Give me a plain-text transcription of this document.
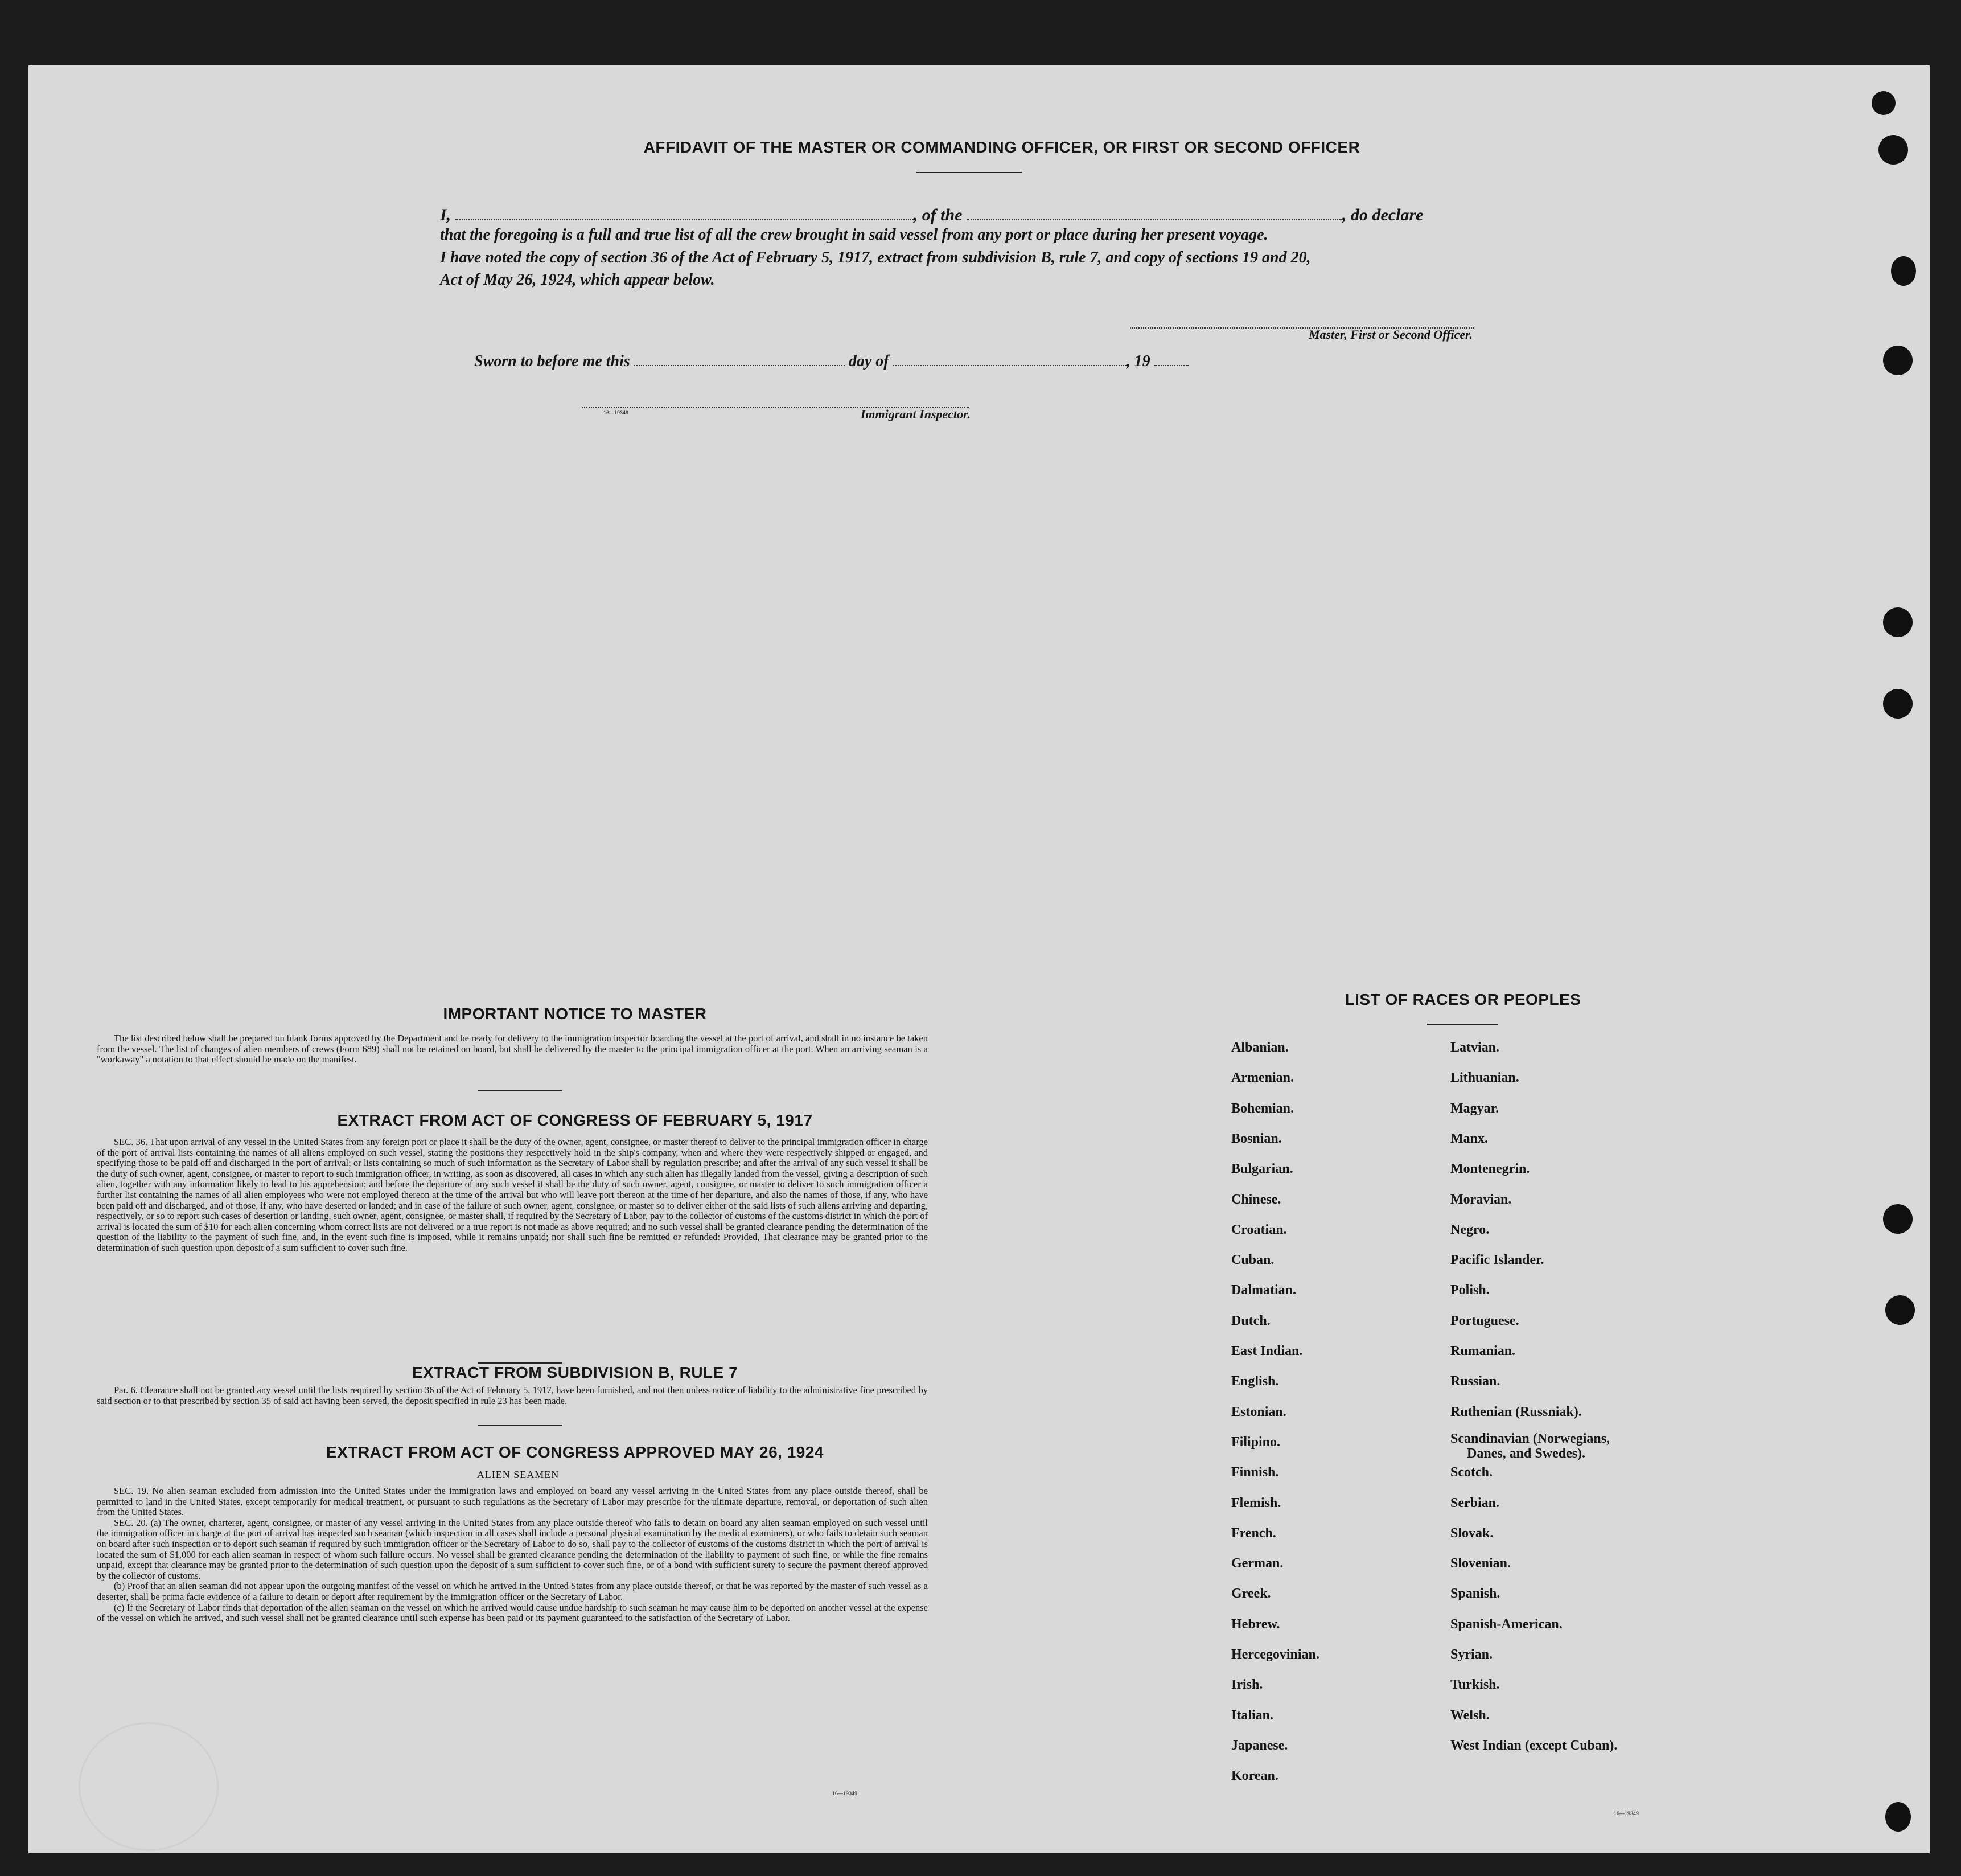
AFFIDAVIT OF THE MASTER OR COMMANDING OFFICER, OR FIRST OR SECOND OFFICER
I,	, of the	, do declare
that the foregoing is a full and true list of all the crew brought in said vessel from any port or place during her present voyage.
I have noted the copy of section 36 of the Act of February 5, 1917, extract from subdivision B, rule 7, and copy of sections 19 and 20,
Act of May 26, 1924, which appear below.
Master, First or Second Officer.
Sworn to before me this	day of	, 19
16—19349	Immigrant Inspector.
IMPORTANT NOTICE TO MASTER

The list described below shall be prepared on blank forms approved by the Department and be ready for delivery to the immigration inspector boarding the vessel at the port of arrival, and shall in no instance be taken from the vessel. The list of changes of alien members of crews (Form 689) shall not be retained on board, but shall be delivered by the master to the principal immigration officer at the port. When an arriving seaman is a "workaway" a notation to that effect should be made on the manifest.

EXTRACT FROM ACT OF CONGRESS OF FEBRUARY 5, 1917

SEC. 36. That upon arrival of any vessel in the United States from any foreign port or place it shall be the duty of the owner, agent, consignee, or master thereof to deliver to the principal immigration officer in charge of the port of arrival lists containing the names of all aliens employed on such vessel, stating the positions they respectively hold in the ship's company, when and where they were respectively shipped or engaged, and specifying those to be paid off and discharged in the port of arrival; or lists containing so much of such information as the Secretary of Labor shall by regulation prescribe; and after the arrival of any such vessel it shall be the duty of such owner, agent, consignee, or master to report to such immigration officer, in writing, as soon as discovered, all cases in which any such alien has illegally landed from the vessel, giving a description of such alien, together with any information likely to lead to his apprehension; and before the departure of any such vessel it shall be the duty of such owner, agent, consignee, or master to deliver to such immigration officer a further list containing the names of all alien employees who were not employed thereon at the time of the arrival but who will leave port thereon at the time of her departure, and also the names of those, if any, who have been paid off and discharged, and of those, if any, who have deserted or landed; and in case of the failure of such owner, agent, consignee, or master so to deliver either of the said lists of such aliens arriving and departing, respectively, or so to report such cases of desertion or landing, such owner, agent, consignee, or master shall, if required by the Secretary of Labor, pay to the collector of customs of the customs district in which the port of arrival is located the sum of $10 for each alien concerning whom correct lists are not delivered or a true report is not made as above required; and no such vessel shall be granted clearance pending the determination of the question of the liability to the payment of such fine, and, in the event such fine is imposed, while it remains unpaid; nor shall such fine be remitted or refunded: Provided, That clearance may be granted prior to the determination of such question upon deposit of a sum sufficient to cover such fine.

EXTRACT FROM SUBDIVISION B, RULE 7

Par. 6. Clearance shall not be granted any vessel until the lists required by section 36 of the Act of February 5, 1917, have been furnished, and not then unless notice of liability to the administrative fine prescribed by said section or to that prescribed by section 35 of said act having been served, the deposit specified in rule 23 has been made.

EXTRACT FROM ACT OF CONGRESS APPROVED MAY 26, 1924
ALIEN SEAMEN

SEC. 19. No alien seaman excluded from admission into the United States under the immigration laws and employed on board any vessel arriving in the United States from any place outside thereof, shall be permitted to land in the United States, except temporarily for medical treatment, or pursuant to such regulations as the Secretary of Labor may prescribe for the ultimate departure, removal, or deportation of such alien from the United States.

SEC. 20. (a) The owner, charterer, agent, consignee, or master of any vessel arriving in the United States from any place outside thereof who fails to detain on board any alien seaman employed on such vessel until the immigration officer in charge at the port of arrival has inspected such seaman (which inspection in all cases shall include a personal physical examination by the medical examiners), or who fails to detain such seaman on board after such inspection or to deport such seaman if required by such immigration officer or the Secretary of Labor to do so, shall pay to the collector of customs of the customs district in which the port of arrival is located the sum of $1,000 for each alien seaman in respect of whom such failure occurs. No vessel shall be granted clearance pending the determination of the liability to payment of such fine, or while the fine remains unpaid, except that clearance may be granted prior to the determination of such question upon the deposit of a sum sufficient to cover such fine, or of a bond with sufficient surety to secure the payment thereof approved by the collector of customs.

(b) Proof that an alien seaman did not appear upon the outgoing manifest of the vessel on which he arrived in the United States from any place outside thereof, or that he was reported by the master of such vessel as a deserter, shall be prima facie evidence of a failure to detain or deport after requirement by the immigration officer or the Secretary of Labor.

(c) If the Secretary of Labor finds that deportation of the alien seaman on the vessel on which he arrived would cause undue hardship to such seaman he may cause him to be deported on another vessel at the expense of the vessel on which he arrived, and such vessel shall not be granted clearance until such expense has been paid or its payment guaranteed to the satisfaction of the Secretary of Labor.

16—19349
LIST OF RACES OR PEOPLES
16—19349
Albanian.
Armenian.
Bohemian.
Bosnian.
Bulgarian.
Chinese.
Croatian.
Cuban.
Dalmatian.
Dutch.
East Indian.
English.
Estonian.
Filipino.
Finnish.
Flemish.
French.
German.
Greek.
Hebrew.
Hercegovinian.
Irish.
Italian.
Japanese.
Korean.
Latvian.
Lithuanian.
Magyar.
Manx.
Montenegrin.
Moravian.
Negro.
Pacific Islander.
Polish.
Portuguese.
Rumanian.
Russian.
Ruthenian (Russniak).
Scandinavian (Norwegians,
Danes, and Swedes).
Scotch.
Serbian.
Slovak.
Slovenian.
Spanish.
Spanish-American.
Syrian.
Turkish.
Welsh.
West Indian (except Cuban).
